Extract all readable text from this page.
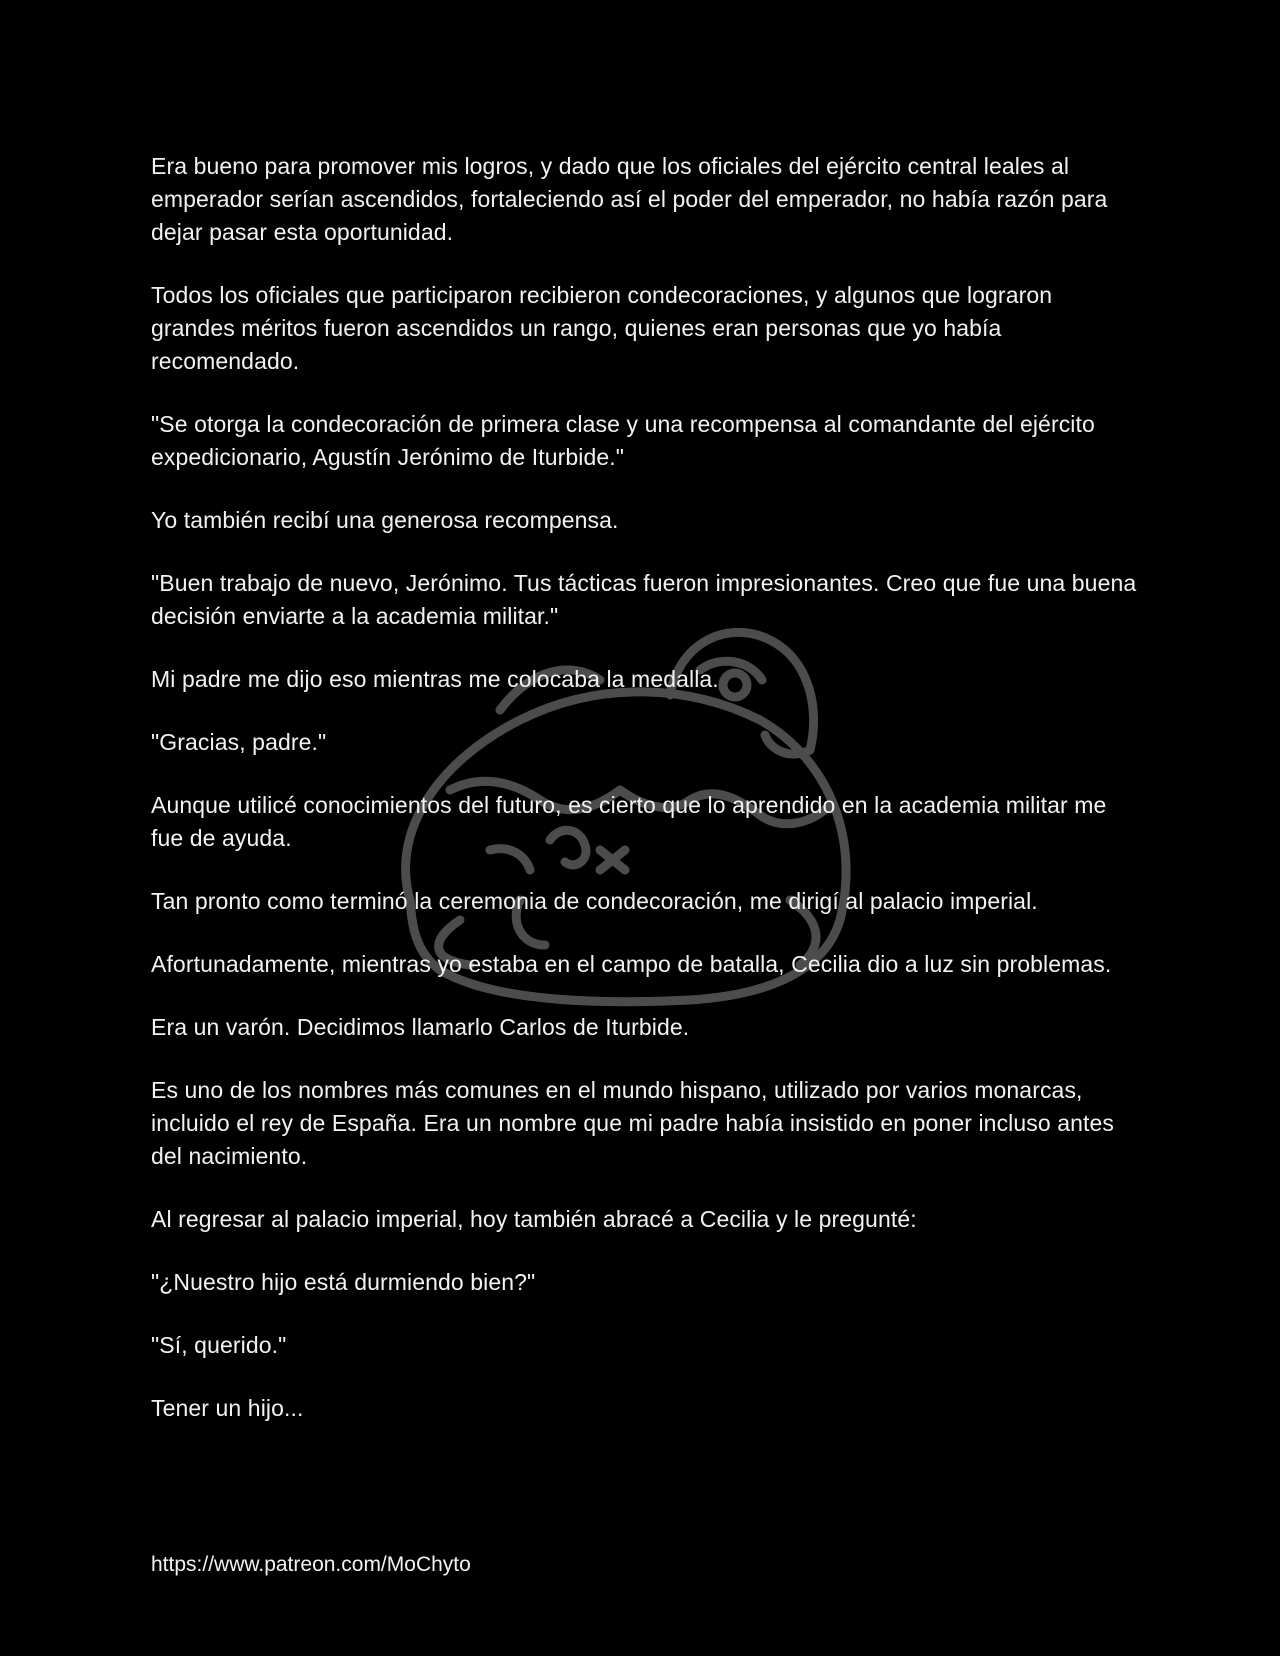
Era bueno para promover mis logros, y dado que los oficiales del ejército central leales al emperador serían ascendidos, fortaleciendo así el poder del emperador, no había razón para dejar pasar esta oportunidad.

Todos los oficiales que participaron recibieron condecoraciones, y algunos que lograron grandes méritos fueron ascendidos un rango, quienes eran personas que yo había recomendado.

"Se otorga la condecoración de primera clase y una recompensa al comandante del ejército expedicionario, Agustín Jerónimo de Iturbide."

Yo también recibí una generosa recompensa.

"Buen trabajo de nuevo, Jerónimo. Tus tácticas fueron impresionantes. Creo que fue una buena decisión enviarte a la academia militar."

Mi padre me dijo eso mientras me colocaba la medalla.

"Gracias, padre."

Aunque utilicé conocimientos del futuro, es cierto que lo aprendido en la academia militar me fue de ayuda.

Tan pronto como terminó la ceremonia de condecoración, me dirigí al palacio imperial.

Afortunadamente, mientras yo estaba en el campo de batalla, Cecilia dio a luz sin problemas.

Era un varón. Decidimos llamarlo Carlos de Iturbide.

Es uno de los nombres más comunes en el mundo hispano, utilizado por varios monarcas, incluido el rey de España. Era un nombre que mi padre había insistido en poner incluso antes del nacimiento.

Al regresar al palacio imperial, hoy también abracé a Cecilia y le pregunté:

"¿Nuestro hijo está durmiendo bien?"

"Sí, querido."

Tener un hijo...

https://www.patreon.com/MoChyto
